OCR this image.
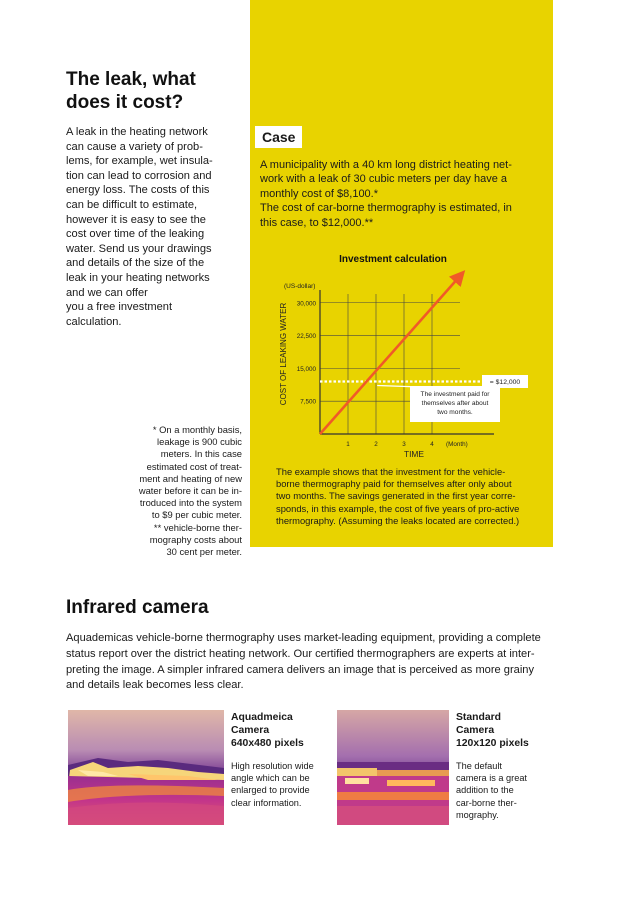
The leak, what
does it cost?

A leak in the heating network
can cause a variety of prob-
lems, for example, wet insula-
tion can lead to corrosion and
energy loss. The costs of this
can be difficult to estimate,
however it is easy to see the
cost over time of the leaking
water. Send us your drawings
and details of the size of the
leak in your heating networks
and we can offer
you a free investment
calculation.

* On a monthly basis,
leakage is 900 cubic
meters. In this case
estimated cost of treat-
ment and heating of new
water before it can be in-
troduced into the system
to $9 per cubic meter.
** vehicle-borne ther-
mography costs about
30 cent per meter.

Case

A municipality with a 40 km long district heating net-
work with a leak of 30 cubic meters per day have a
monthly cost of $8,100.*
The cost of car-borne thermography is estimated, in
this case, to $12,000.**

7,500
15,000
22,500
30,000
1	2	3	4 (Month)
(US-dollar)
TIME
COST OF LEAKING WATER
Investment calculation
= $12,000
The investment paid for
themselves after about
two months.

The example shows that the investment for the vehicle-
borne thermography paid for themselves after only about
two months. The savings generated in the first year corre-
sponds, in this example, the cost of five years of pro-active
thermography. (Assuming the leaks located are corrected.)

Infrared camera

Aquademicas vehicle-borne thermography uses market-leading equipment, providing a complete
status report over the district heating network. Our certified thermographers are experts at inter-
preting the image. A simpler infrared camera delivers an image that is perceived as more grainy
and details leak becomes less clear.

Aquadmeica
Camera
640x480 pixels

High resolution wide
angle which can be
enlarged to provide
clear information.

Standard
Camera
120x120 pixels

The default
camera is a great
addition to the
car-borne ther-
mography.
